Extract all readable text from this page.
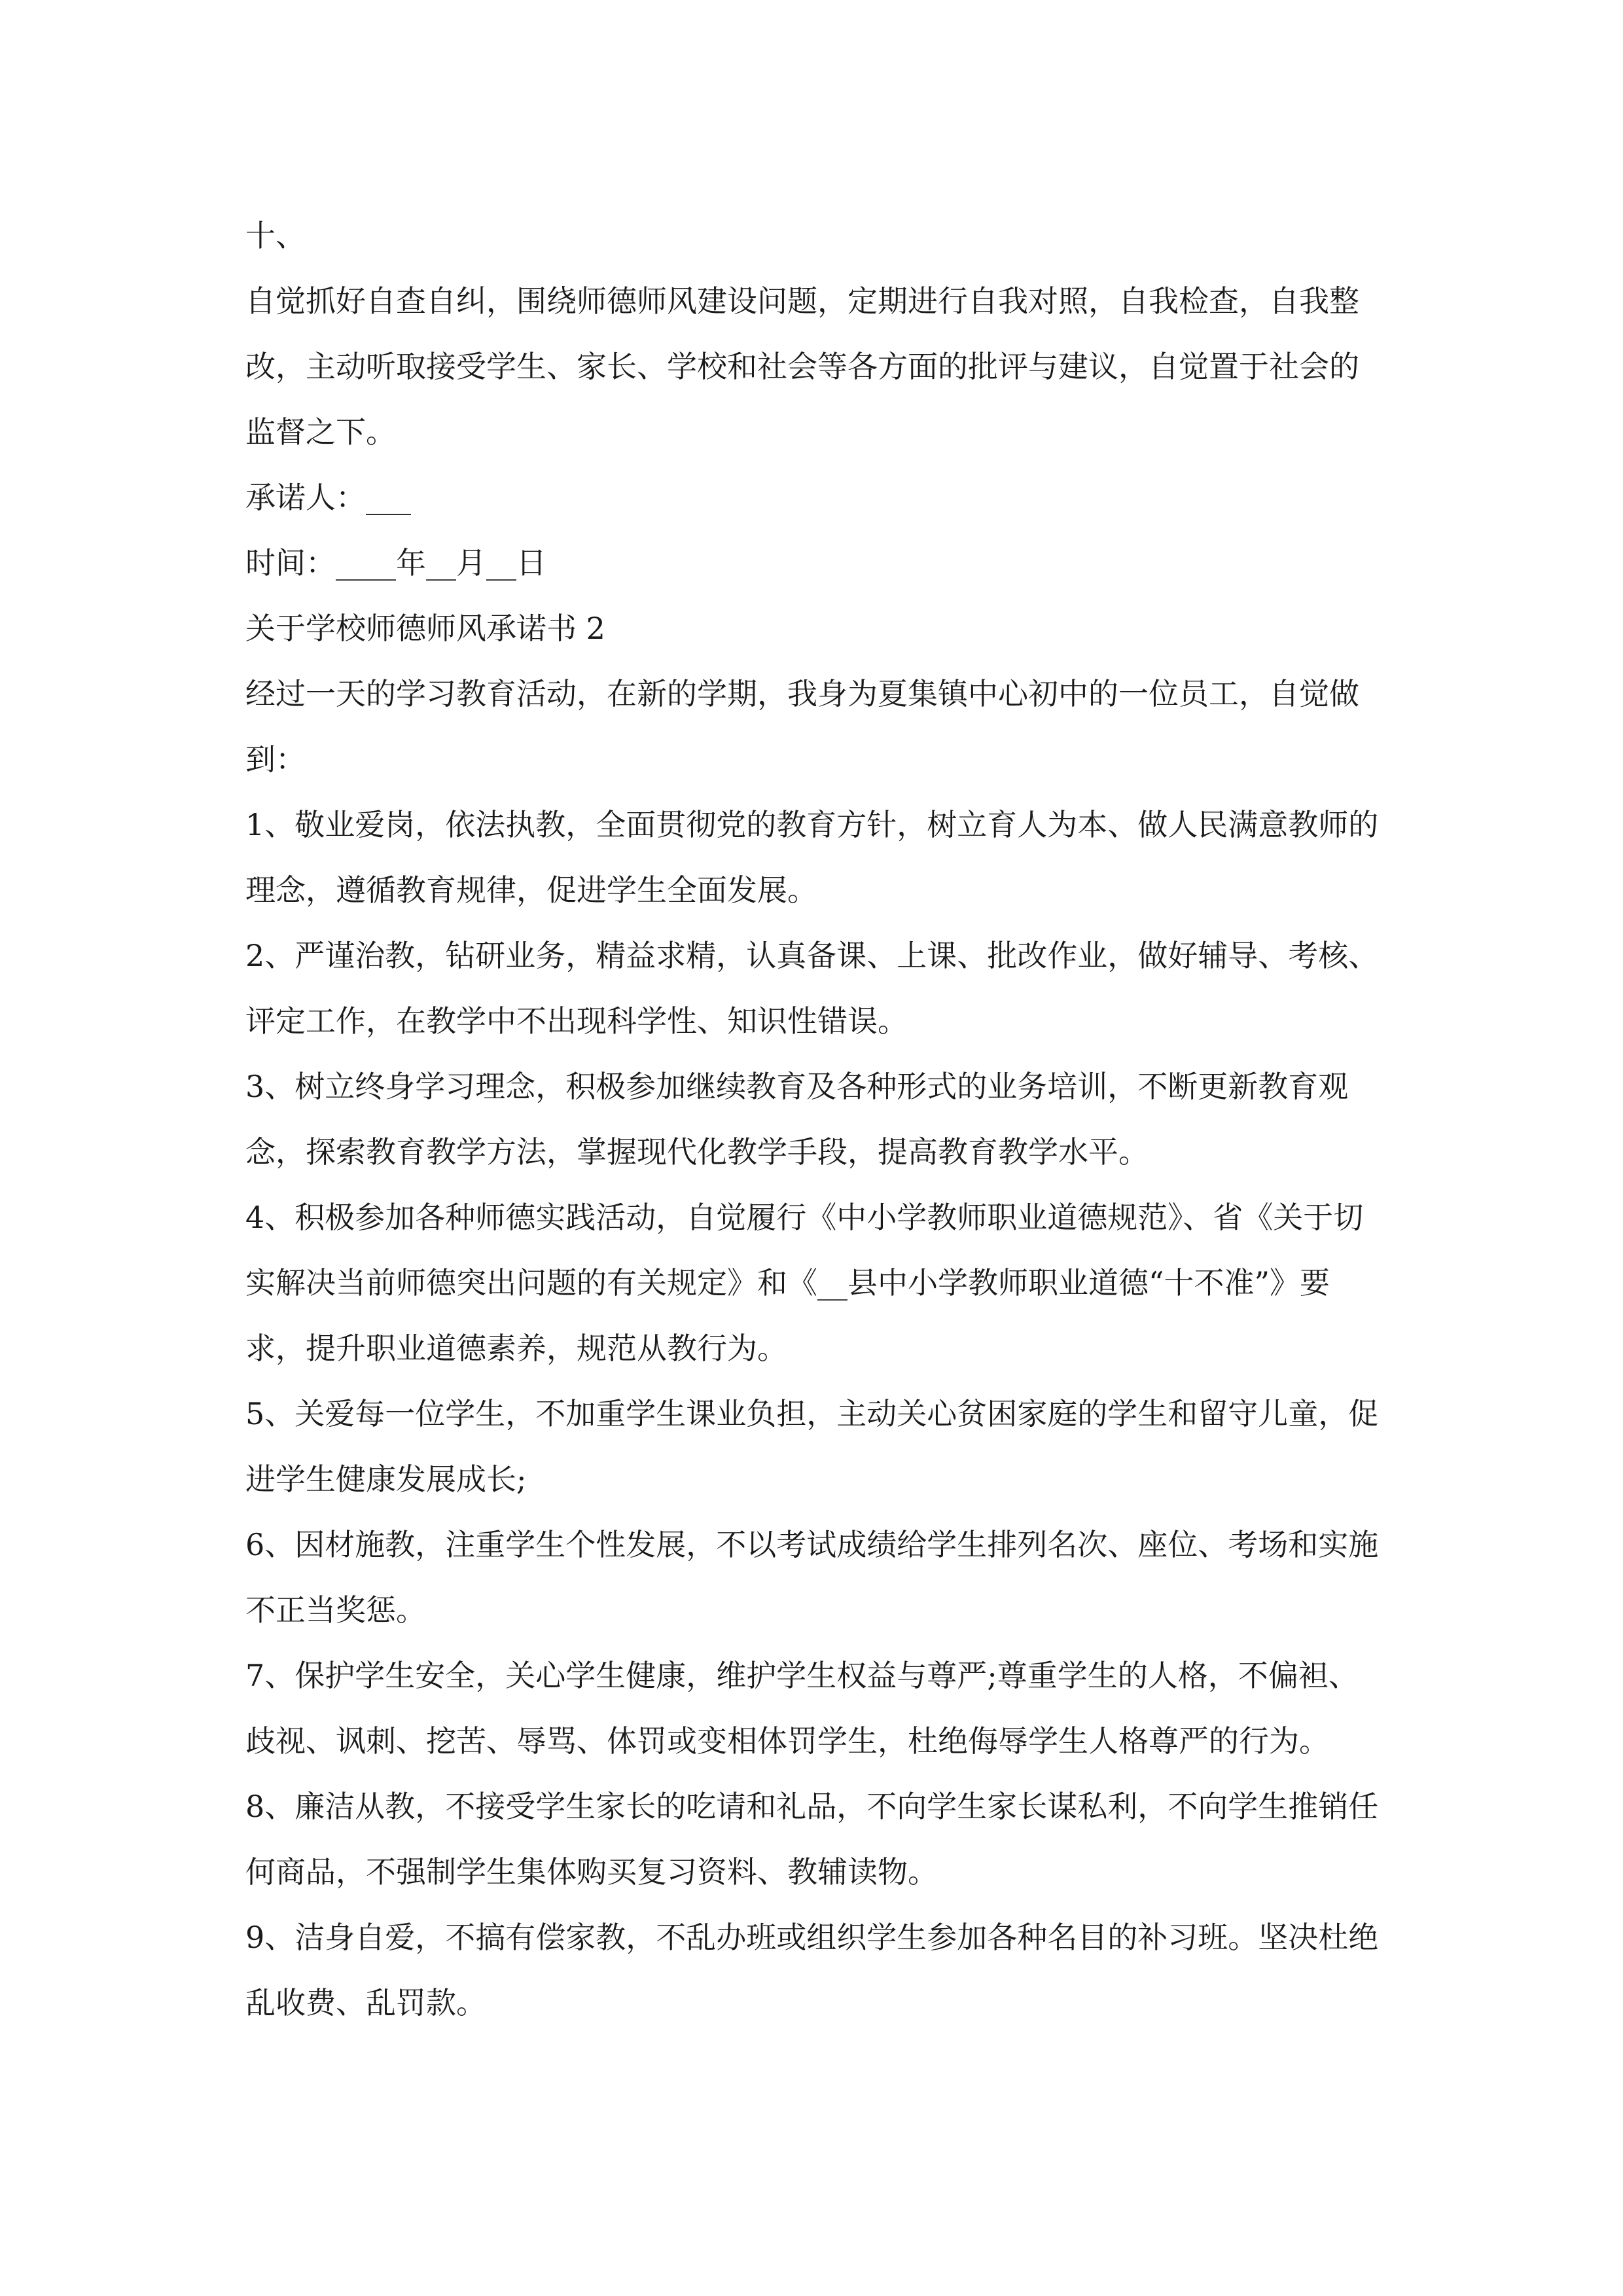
十、

自觉抓好自查自纠，围绕师德师风建设问题，定期进行自我对照，自我检查，自我整改，主动听取接受学生、家长、学校和社会等各方面的批评与建议，自觉置于社会的监督之下。

承诺人：___

时间：____年__月__日

关于学校师德师风承诺书 2

经过一天的学习教育活动，在新的学期，我身为夏集镇中心初中的一位员工，自觉做到：

1、敬业爱岗，依法执教，全面贯彻党的教育方针，树立育人为本、做人民满意教师的理念，遵循教育规律，促进学生全面发展。

2、严谨治教，钻研业务，精益求精，认真备课、上课、批改作业，做好辅导、考核、评定工作，在教学中不出现科学性、知识性错误。

3、树立终身学习理念，积极参加继续教育及各种形式的业务培训，不断更新教育观念，探索教育教学方法，掌握现代化教学手段，提高教育教学水平。

4、积极参加各种师德实践活动，自觉履行《中小学教师职业道德规范》、省《关于切实解决当前师德突出问题的有关规定》和《__县中小学教师职业道德“十不准”》要求，提升职业道德素养，规范从教行为。

5、关爱每一位学生，不加重学生课业负担，主动关心贫困家庭的学生和留守儿童，促进学生健康发展成长;

6、因材施教，注重学生个性发展，不以考试成绩给学生排列名次、座位、考场和实施不正当奖惩。

7、保护学生安全，关心学生健康，维护学生权益与尊严;尊重学生的人格，不偏袒、歧视、讽刺、挖苦、辱骂、体罚或变相体罚学生，杜绝侮辱学生人格尊严的行为。

8、廉洁从教，不接受学生家长的吃请和礼品，不向学生家长谋私利，不向学生推销任何商品，不强制学生集体购买复习资料、教辅读物。

9、洁身自爱，不搞有偿家教，不乱办班或组织学生参加各种名目的补习班。坚决杜绝乱收费、乱罚款。
